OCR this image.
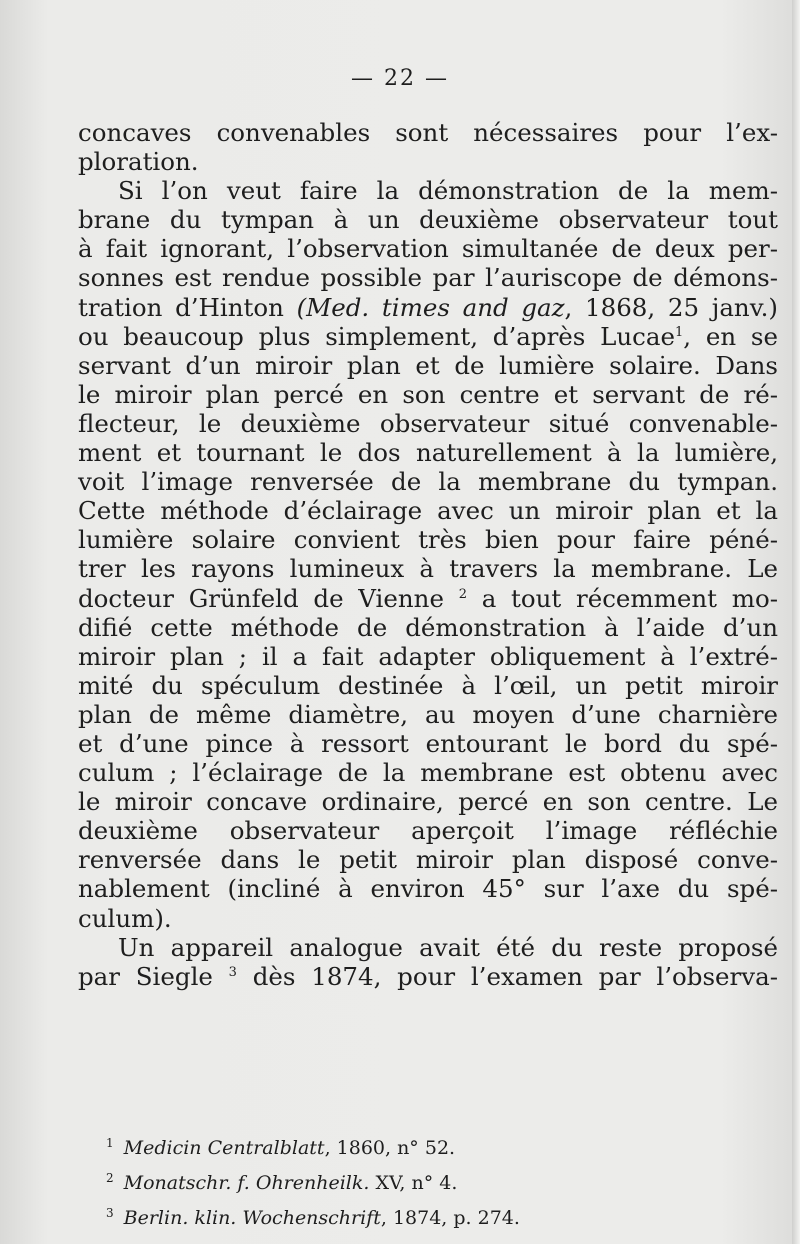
— 22 —
concaves convenables sont nécessaires pour l’ex-
ploration.
Si l’on veut faire la démonstration de la mem-
brane du tympan à un deuxième observateur tout
à fait ignorant, l’observation simultanée de deux per-
sonnes est rendue possible par l’auriscope de démons-
tration d’Hinton (Med. times and gaz, 1868, 25 janv.)
ou beaucoup plus simplement, d’après Lucae$^1$, en se
servant d’un miroir plan et de lumière solaire. Dans
le miroir plan percé en son centre et servant de ré-
flecteur, le deuxième observateur situé convenable-
ment et tournant le dos naturellement à la lumière,
voit l’image renversée de la membrane du tympan.
Cette méthode d’éclairage avec un miroir plan et la
lumière solaire convient très bien pour faire péné-
trer les rayons lumineux à travers la membrane. Le
docteur Grünfeld de Vienne $^2$ a tout récemment mo-
difié cette méthode de démonstration à l’aide d’un
miroir plan ; il a fait adapter obliquement à l’extré-
mité du spéculum destinée à l’œil, un petit miroir
plan de même diamètre, au moyen d’une charnière
et d’une pince à ressort entourant le bord du spé-
culum ; l’éclairage de la membrane est obtenu avec
le miroir concave ordinaire, percé en son centre. Le
deuxième observateur aperçoit l’image réfléchie
renversée dans le petit miroir plan disposé conve-
nablement (incliné à environ 45° sur l’axe du spé-
culum).
Un appareil analogue avait été du reste proposé
par Siegle $^3$ dès 1874, pour l’examen par l’observa-
$^1$ Medicin Centralblatt, 1860, n° 52.
$^2$ Monatschr. f. Ohrenheilk. XV, n° 4.
$^3$ Berlin. klin. Wochenschrift, 1874, p. 274.
